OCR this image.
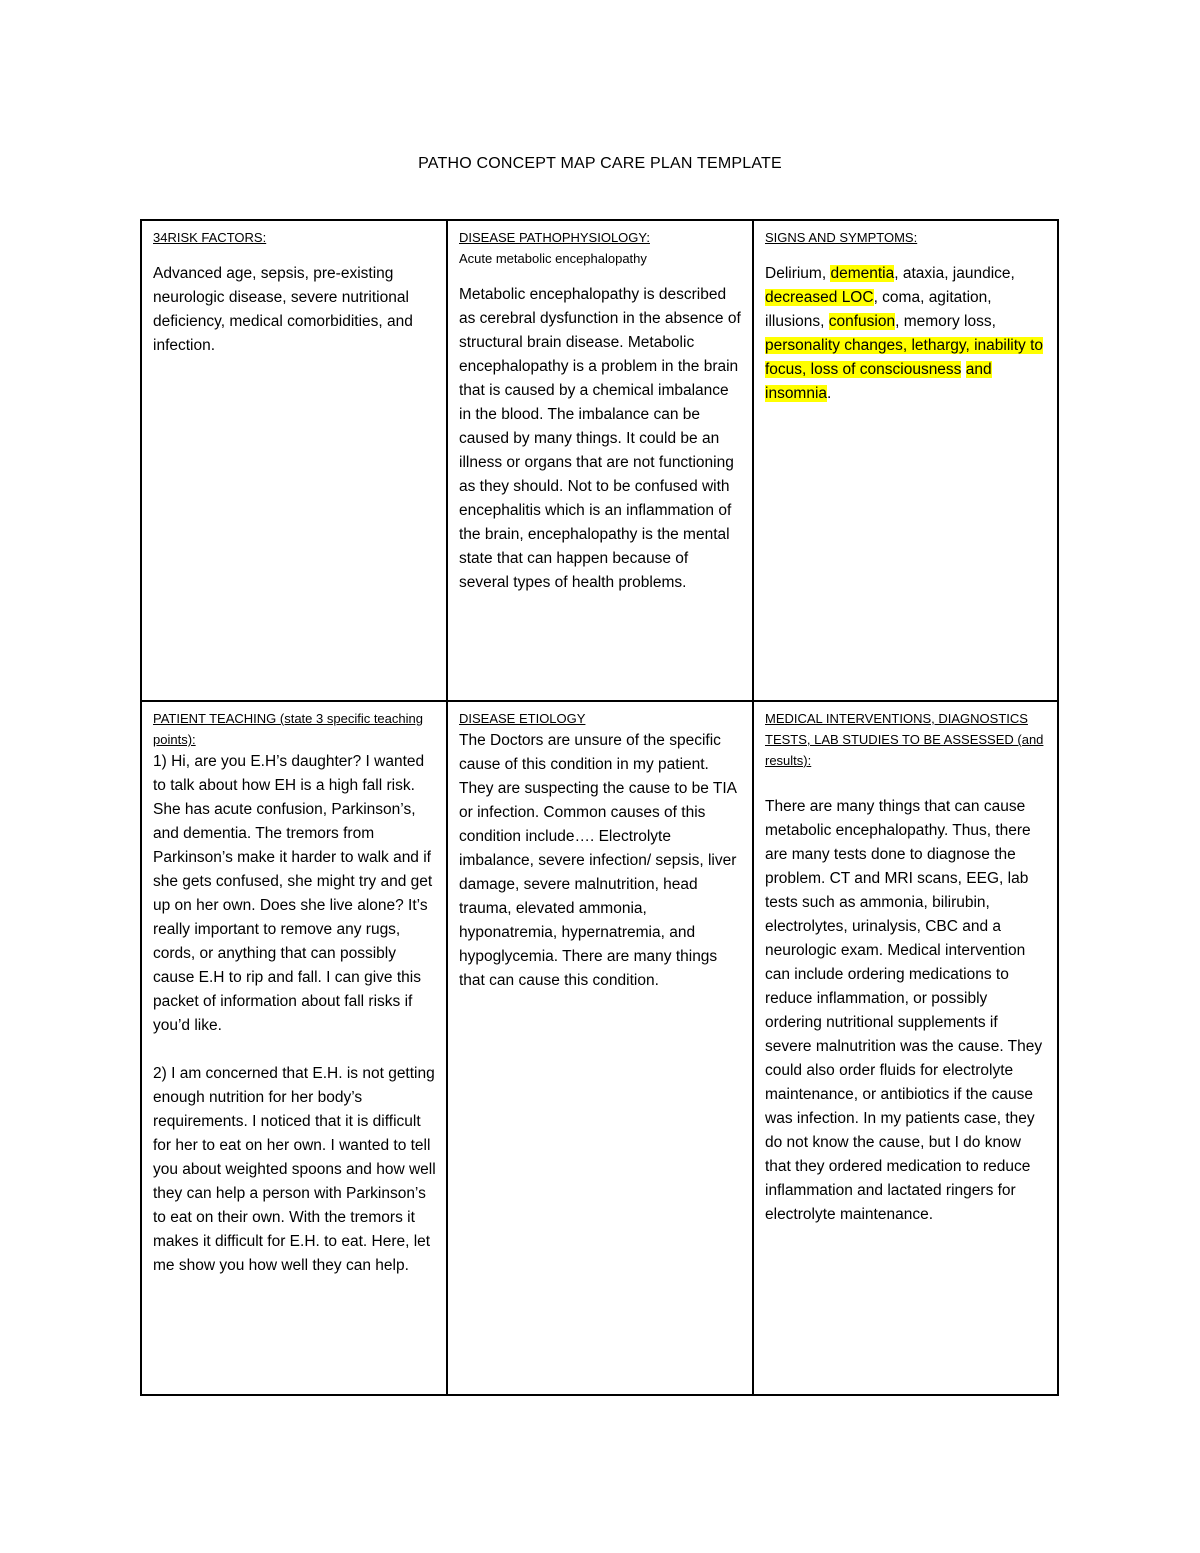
PATHO CONCEPT MAP CARE PLAN TEMPLATE
34RISK FACTORS:
Advanced age, sepsis, pre-existing neurologic disease, severe nutritional deficiency, medical comorbidities, and infection.
DISEASE PATHOPHYSIOLOGY:
Acute metabolic encephalopathy
Metabolic encephalopathy is described as cerebral dysfunction in the absence of structural brain disease. Metabolic encephalopathy is a problem in the brain that is caused by a chemical imbalance in the blood. The imbalance can be caused by many things. It could be an illness or organs that are not functioning as they should. Not to be confused with encephalitis which is an inflammation of the brain, encephalopathy is the mental state that can happen because of several types of health problems.
SIGNS AND SYMPTOMS:
Delirium, dementia, ataxia, jaundice, decreased LOC, coma, agitation, illusions, confusion, memory loss, personality changes, lethargy, inability to focus, loss of consciousness and insomnia.
PATIENT TEACHING (state 3 specific teaching points):
1) Hi, are you E.H’s daughter? I wanted to talk about how EH is a high fall risk. She has acute confusion, Parkinson’s, and dementia. The tremors from Parkinson’s make it harder to walk and if she gets confused, she might try and get up on her own. Does she live alone? It’s really important to remove any rugs, cords, or anything that can possibly cause E.H to rip and fall. I can give this packet of information about fall risks if you’d like.
2) I am concerned that E.H. is not getting enough nutrition for her body’s requirements. I noticed that it is difficult for her to eat on her own. I wanted to tell you about weighted spoons and how well they can help a person with Parkinson’s to eat on their own. With the tremors it makes it difficult for E.H. to eat. Here, let me show you how well they can help.
DISEASE ETIOLOGY
The Doctors are unsure of the specific cause of this condition in my patient. They are suspecting the cause to be TIA or infection. Common causes of this condition include…. Electrolyte imbalance, severe infection/ sepsis, liver damage, severe malnutrition, head trauma, elevated ammonia, hyponatremia, hypernatremia, and hypoglycemia. There are many things that can cause this condition.
MEDICAL INTERVENTIONS, DIAGNOSTICS TESTS, LAB STUDIES TO BE ASSESSED (and results):
There are many things that can cause metabolic encephalopathy. Thus, there are many tests done to diagnose the problem. CT and MRI scans, EEG, lab tests such as ammonia, bilirubin, electrolytes, urinalysis, CBC and a neurologic exam. Medical intervention can include ordering medications to reduce inflammation, or possibly ordering nutritional supplements if severe malnutrition was the cause. They could also order fluids for electrolyte maintenance, or antibiotics if the cause was infection. In my patients case, they do not know the cause, but I do know that they ordered medication to reduce inflammation and lactated ringers for electrolyte maintenance.
